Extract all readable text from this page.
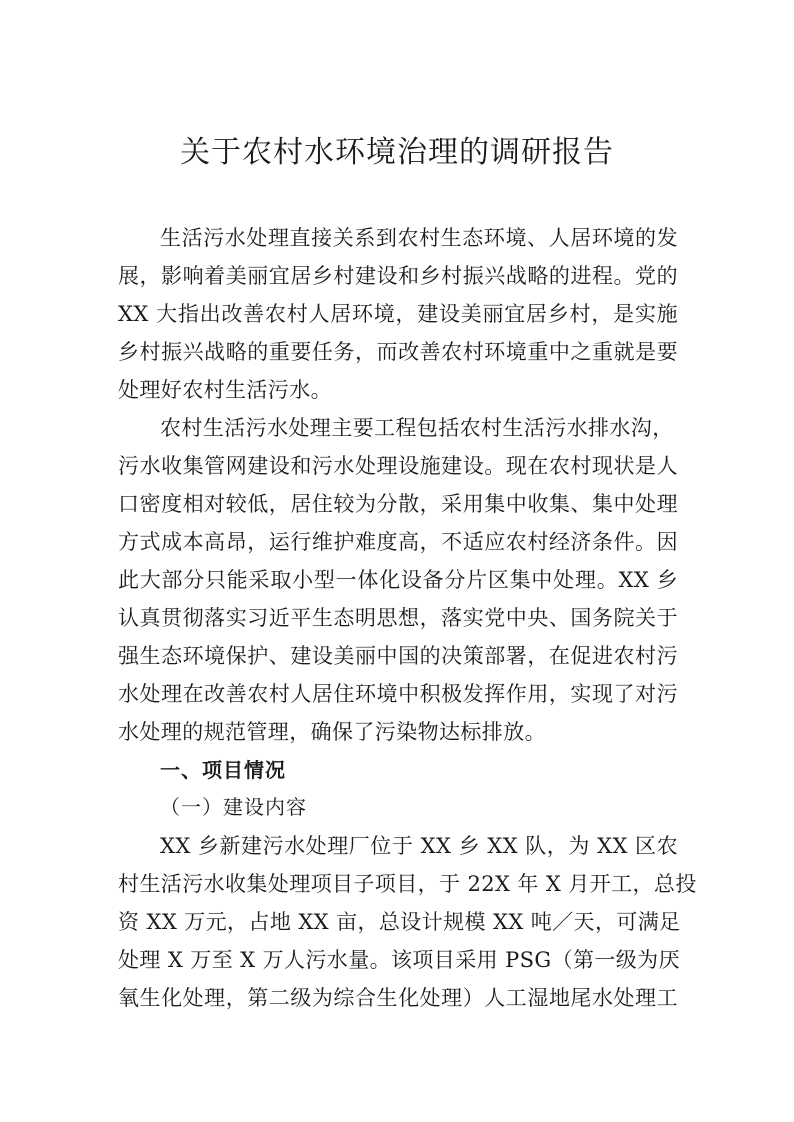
关于农村水环境治理的调研报告

生活污水处理直接关系到农村生态环境、人居环境的发

展，影响着美丽宜居乡村建设和乡村振兴战略的进程。党的

XX 大指出改善农村人居环境，建设美丽宜居乡村，是实施

乡村振兴战略的重要任务，而改善农村环境重中之重就是要

处理好农村生活污水。

农村生活污水处理主要工程包括农村生活污水排水沟，

污水收集管网建设和污水处理设施建设。现在农村现状是人

口密度相对较低，居住较为分散，采用集中收集、集中处理

方式成本高昂，运行维护难度高，不适应农村经济条件。因

此大部分只能采取小型一体化设备分片区集中处理。XX 乡

认真贯彻落实习近平生态明思想，落实党中央、国务院关于

强生态环境保护、建设美丽中国的决策部署，在促进农村污

水处理在改善农村人居住环境中积极发挥作用，实现了对污

水处理的规范管理，确保了污染物达标排放。

一、项目情况

（一）建设内容

XX 乡新建污水处理厂位于 XX 乡 XX 队，为 XX 区农

村生活污水收集处理项目子项目，于 22X 年 X 月开工，总投

资 XX 万元，占地 XX 亩，总设计规模 XX 吨／天，可满足

处理 X 万至 X 万人污水量。该项目采用 PSG（第一级为厌

氧生化处理，第二级为综合生化处理）人工湿地尾水处理工
